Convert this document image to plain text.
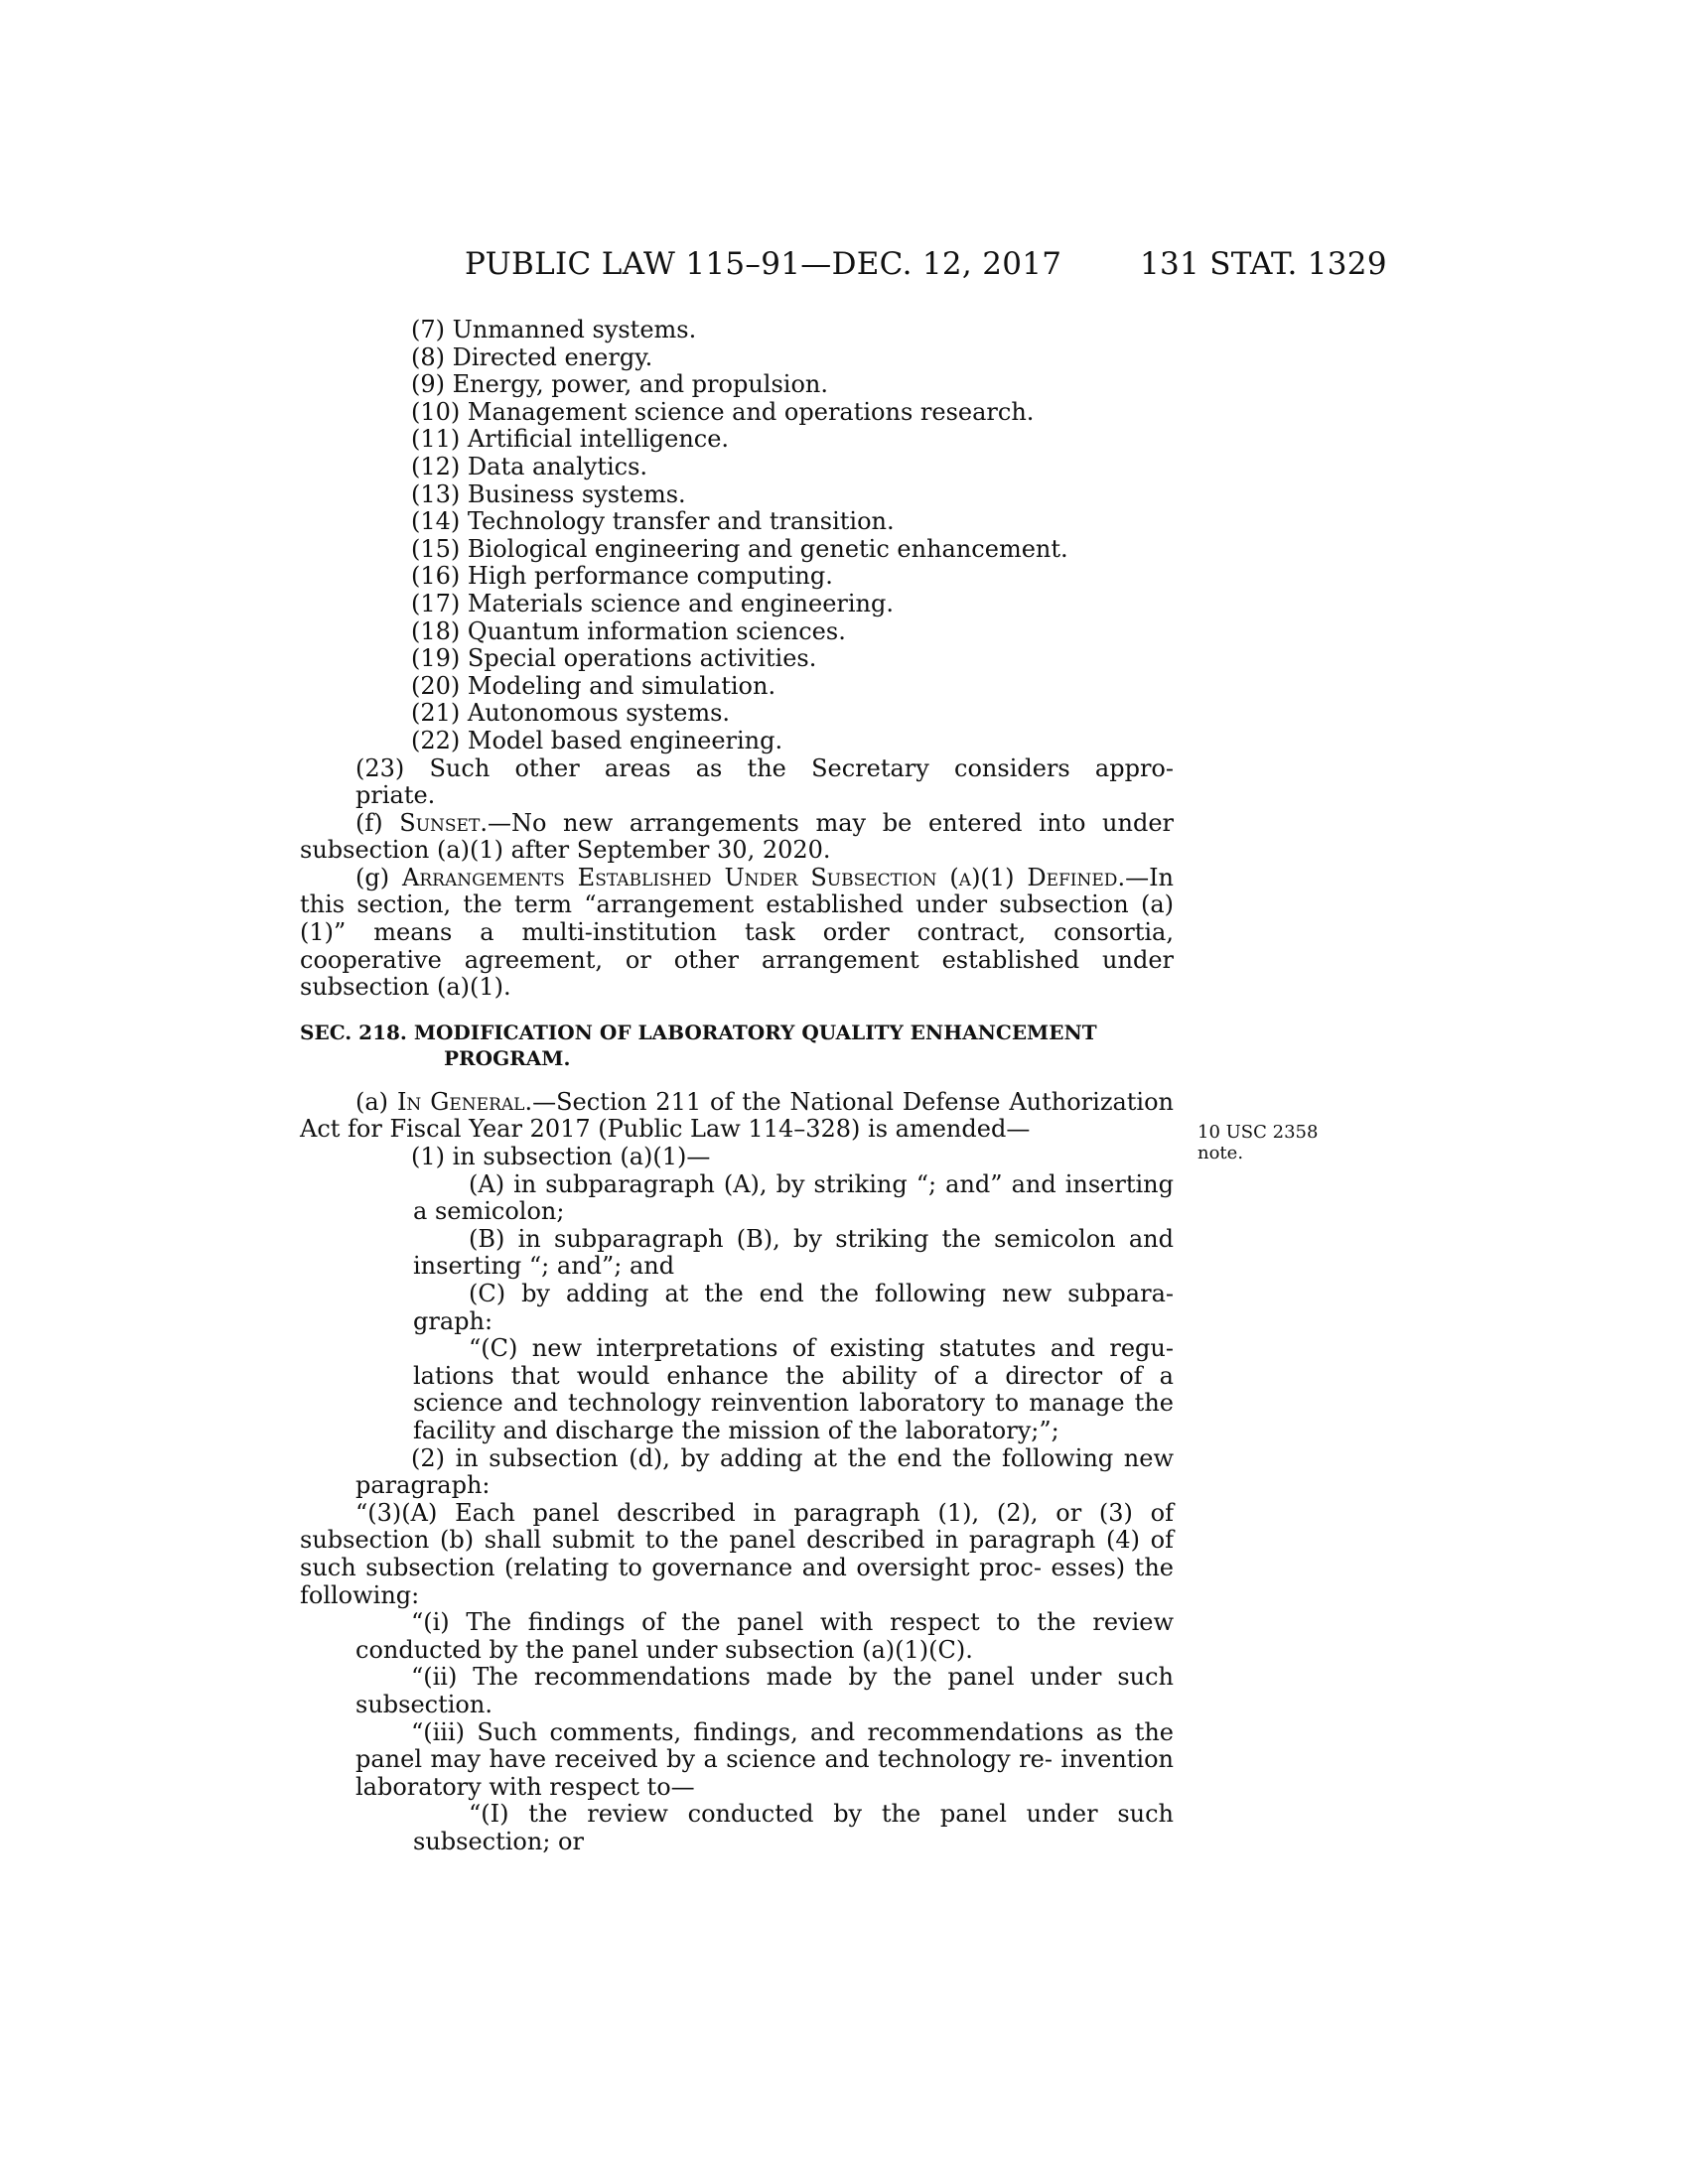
PUBLIC LAW 115–91—DEC. 12, 2017	131 STAT. 1329
(7) Unmanned systems.
(8) Directed energy.
(9) Energy, power, and propulsion.
(10) Management science and operations research.
(11) Artificial intelligence.
(12) Data analytics.
(13) Business systems.
(14) Technology transfer and transition.
(15) Biological engineering and genetic enhancement.
(16) High performance computing.
(17) Materials science and engineering.
(18) Quantum information sciences.
(19) Special operations activities.
(20) Modeling and simulation.
(21) Autonomous systems.
(22) Model based engineering.
(23) Such other areas as the Secretary considers appro-
priate.
(f) Sunset.—No new arrangements may be entered into under subsection (a)(1) after September 30, 2020.
(g) Arrangements Established Under Subsection (a)(1) Defined.—In this section, the term “arrangement established under subsection (a)(1)” means a multi-institution task order contract, consortia, cooperative agreement, or other arrangement established under subsection (a)(1).
SEC. 218. MODIFICATION OF LABORATORY QUALITY ENHANCEMENT
PROGRAM.
(a) In General.—Section 211 of the National Defense Authorization Act for Fiscal Year 2017 (Public Law 114–328) is amended—
(1) in subsection (a)(1)—
(A) in subparagraph (A), by striking “; and” and inserting a semicolon;
(B) in subparagraph (B), by striking the semicolon and inserting “; and”; and
(C) by adding at the end the following new subpara- graph:
“(C) new interpretations of existing statutes and regu- lations that would enhance the ability of a director of a science and technology reinvention laboratory to manage the facility and discharge the mission of the laboratory;”;
(2) in subsection (d), by adding at the end the following new paragraph:
“(3)(A) Each panel described in paragraph (1), (2), or (3) of subsection (b) shall submit to the panel described in paragraph (4) of such subsection (relating to governance and oversight proc- esses) the following:
“(i) The findings of the panel with respect to the review conducted by the panel under subsection (a)(1)(C).
“(ii) The recommendations made by the panel under such subsection.
“(iii) Such comments, findings, and recommendations as the panel may have received by a science and technology re- invention laboratory with respect to—
“(I) the review conducted by the panel under such subsection; or
10 USC 2358
note.
